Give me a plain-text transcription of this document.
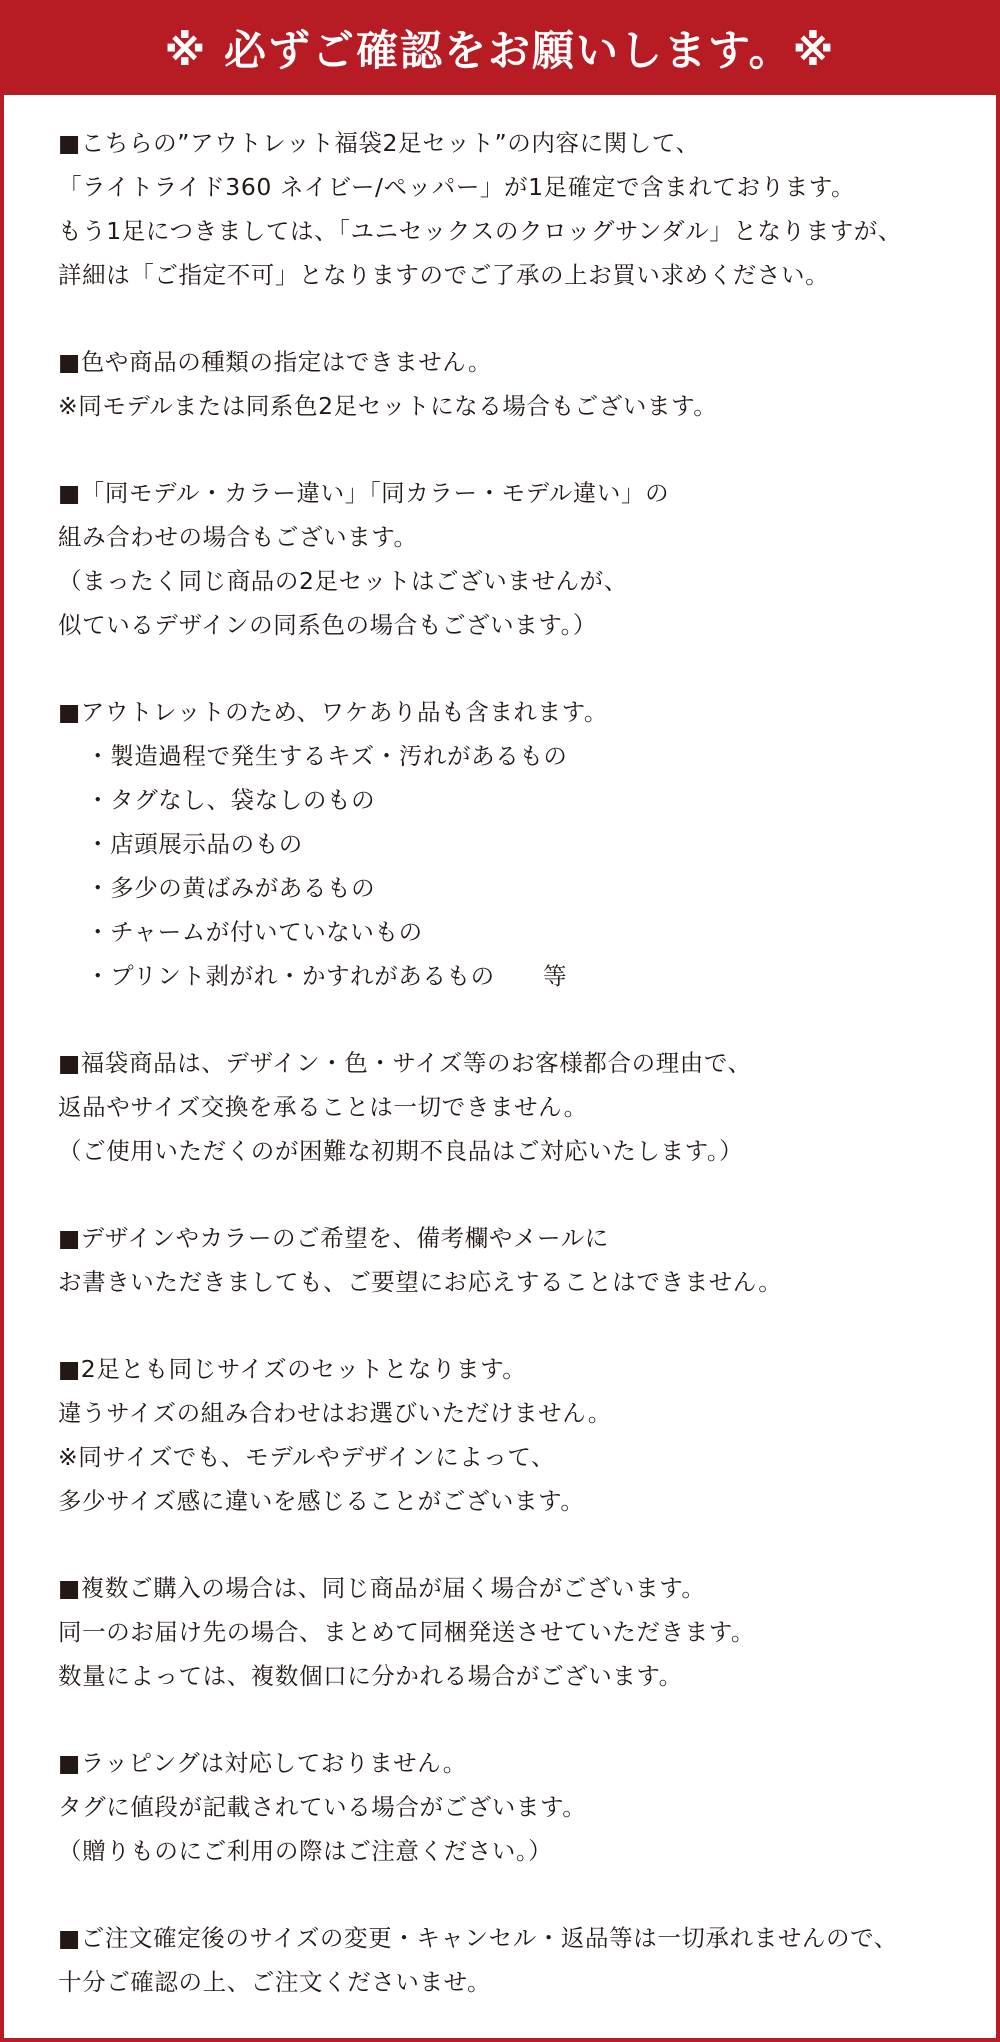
※ 必ずご確認をお願いします。※
■こちらの”アウトレット福袋2足セット”の内容に関して、
「ライトライド360 ネイビー/ペッパー」が1足確定で含まれております。
もう1足につきましては、「ユニセックスのクロッグサンダル」となりますが、
詳細は「ご指定不可」となりますのでご了承の上お買い求めください。
■色や商品の種類の指定はできません。
※同モデルまたは同系色2足セットになる場合もございます。
■「同モデル・カラー違い」「同カラー・モデル違い」の
組み合わせの場合もございます。
（まったく同じ商品の2足セットはございませんが、
似ているデザインの同系色の場合もございます。）
■アウトレットのため、ワケあり品も含まれます。
・製造過程で発生するキズ・汚れがあるもの
・タグなし、袋なしのもの
・店頭展示品のもの
・多少の黄ばみがあるもの
・チャームが付いていないもの
・プリント剥がれ・かすれがあるもの　　等
■福袋商品は、デザイン・色・サイズ等のお客様都合の理由で、
返品やサイズ交換を承ることは一切できません。
（ご使用いただくのが困難な初期不良品はご対応いたします。）
■デザインやカラーのご希望を、備考欄やメールに
お書きいただきましても、ご要望にお応えすることはできません。
■2足とも同じサイズのセットとなります。
違うサイズの組み合わせはお選びいただけません。
※同サイズでも、モデルやデザインによって、
多少サイズ感に違いを感じることがございます。
■複数ご購入の場合は、同じ商品が届く場合がございます。
同一のお届け先の場合、まとめて同梱発送させていただきます。
数量によっては、複数個口に分かれる場合がございます。
■ラッピングは対応しておりません。
タグに値段が記載されている場合がございます。
（贈りものにご利用の際はご注意ください。）
■ご注文確定後のサイズの変更・キャンセル・返品等は一切承れませんので、
十分ご確認の上、ご注文くださいませ。
